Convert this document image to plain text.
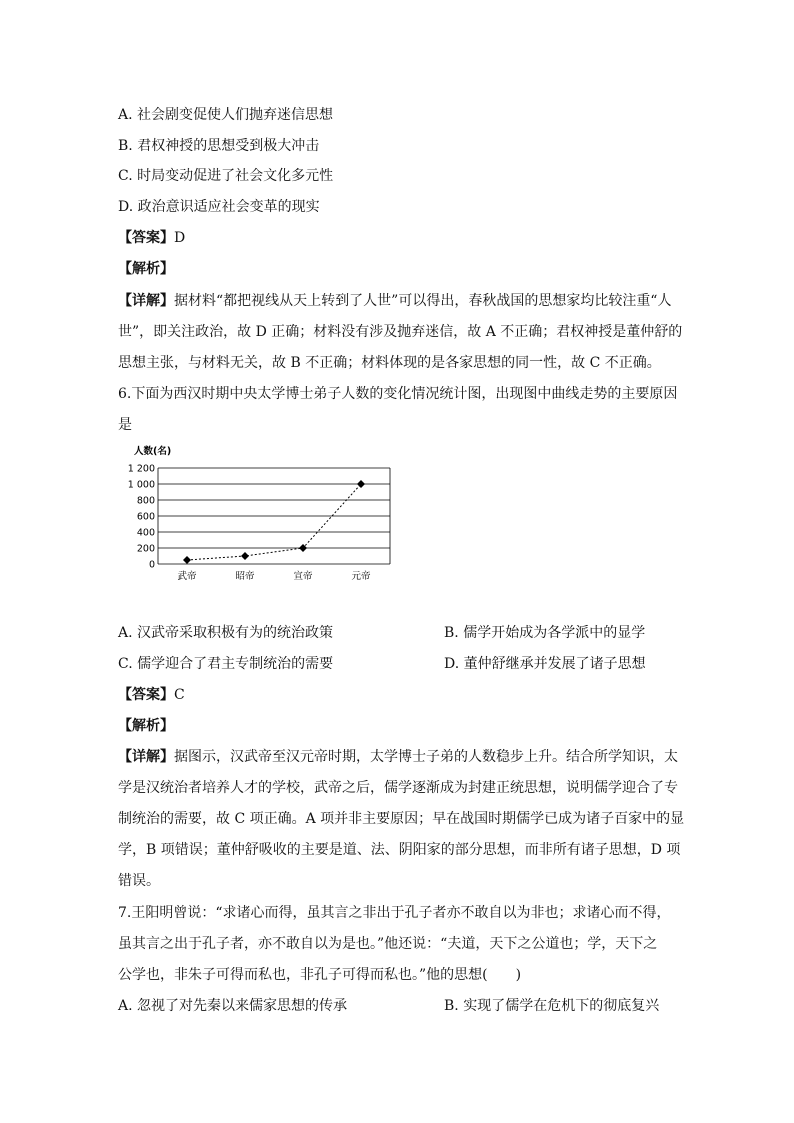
A. 社会剧变促使人们抛弃迷信思想
B. 君权神授的思想受到极大冲击
C. 时局变动促进了社会文化多元性
D. 政治意识适应社会变革的现实
【答案】D
【解析】
【详解】据材料“都把视线从天上转到了人世”可以得出，春秋战国的思想家均比较注重“人
世”，即关注政治，故 D 正确；材料没有涉及抛弃迷信，故 A 不正确；君权神授是董仲舒的
思想主张，与材料无关，故 B 不正确；材料体现的是各家思想的同一性，故 C 不正确。
6.下面为西汉时期中央太学博士弟子人数的变化情况统计图，出现图中曲线走势的主要原因
是
人数(名)
0
200
400
600
800
1 000
1 200
武帝	昭帝	宣帝	元帝
A. 汉武帝采取积极有为的统治政策	B. 儒学开始成为各学派中的显学
C. 儒学迎合了君主专制统治的需要	D. 董仲舒继承并发展了诸子思想
【答案】C
【解析】
【详解】据图示，汉武帝至汉元帝时期，太学博士子弟的人数稳步上升。结合所学知识，太
学是汉统治者培养人才的学校，武帝之后，儒学逐渐成为封建正统思想，说明儒学迎合了专
制统治的需要，故 C 项正确。A 项并非主要原因；早在战国时期儒学已成为诸子百家中的显
学，B 项错误；董仲舒吸收的主要是道、法、阴阳家的部分思想，而非所有诸子思想，D 项
错误。
7.王阳明曾说：“求诸心而得，虽其言之非出于孔子者亦不敢自以为非也；求诸心而不得，
虽其言之出于孔子者，亦不敢自以为是也。”他还说：“夫道，天下之公道也；学，天下之
公学也，非朱子可得而私也，非孔子可得而私也。”他的思想(　　)
A. 忽视了对先秦以来儒家思想的传承	B. 实现了儒学在危机下的彻底复兴
